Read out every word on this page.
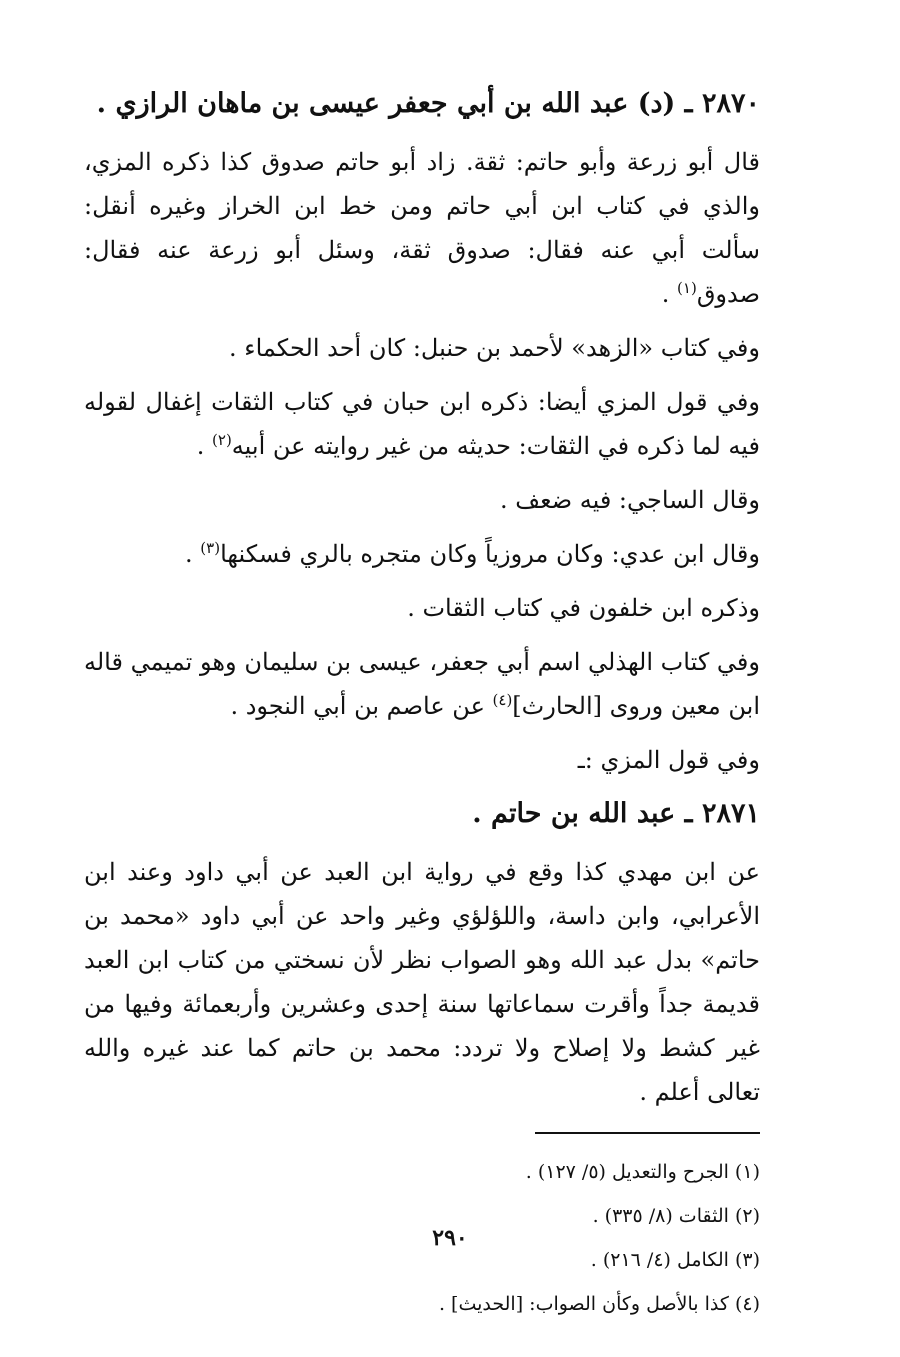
٢٨٧٠ ـ (د) عبد الله بن أبي جعفر عيسى بن ماهان الرازي .

قال أبو زرعة وأبو حاتم: ثقة. زاد أبو حاتم صدوق كذا ذكره المزي، والذي في كتاب ابن أبي حاتم ومن خط ابن الخراز وغيره أنقل: سألت أبي عنه فقال: صدوق ثقة، وسئل أبو زرعة عنه فقال: صدوق$^{(١)}$ .

وفي كتاب «الزهد» لأحمد بن حنبل: كان أحد الحكماء .

وفي قول المزي أيضا: ذكره ابن حبان في كتاب الثقات إغفال لقوله فيه لما ذكره في الثقات: حديثه من غير روايته عن أبيه$^{(٢)}$ .

وقال الساجي: فيه ضعف .

وقال ابن عدي: وكان مروزياً وكان متجره بالري فسكنها$^{(٣)}$ .

وذكره ابن خلفون في كتاب الثقات .

وفي كتاب الهذلي اسم أبي جعفر، عيسى بن سليمان وهو تميمي قاله ابن معين وروى [الحارث]$^{(٤)}$ عن عاصم بن أبي النجود .

وفي قول المزي :ـ

٢٨٧١ ـ عبد الله بن حاتم .

عن ابن مهدي كذا وقع في رواية ابن العبد عن أبي داود وعند ابن الأعرابي، وابن داسة، واللؤلؤي وغير واحد عن أبي داود «محمد بن حاتم» بدل عبد الله وهو الصواب نظر لأن نسختي من كتاب ابن العبد قديمة جداً وأقرت سماعاتها سنة إحدى وعشرين وأربعمائة وفيها من غير كشط ولا إصلاح ولا تردد: محمد بن حاتم كما عند غيره والله تعالى أعلم .

(١) الجرح والتعديل (٥/ ١٢٧) .

(٢) الثقات (٨/ ٣٣٥) .

(٣) الكامل (٤/ ٢١٦) .

(٤) كذا بالأصل وكأن الصواب: [الحديث] .

٢٩٠
